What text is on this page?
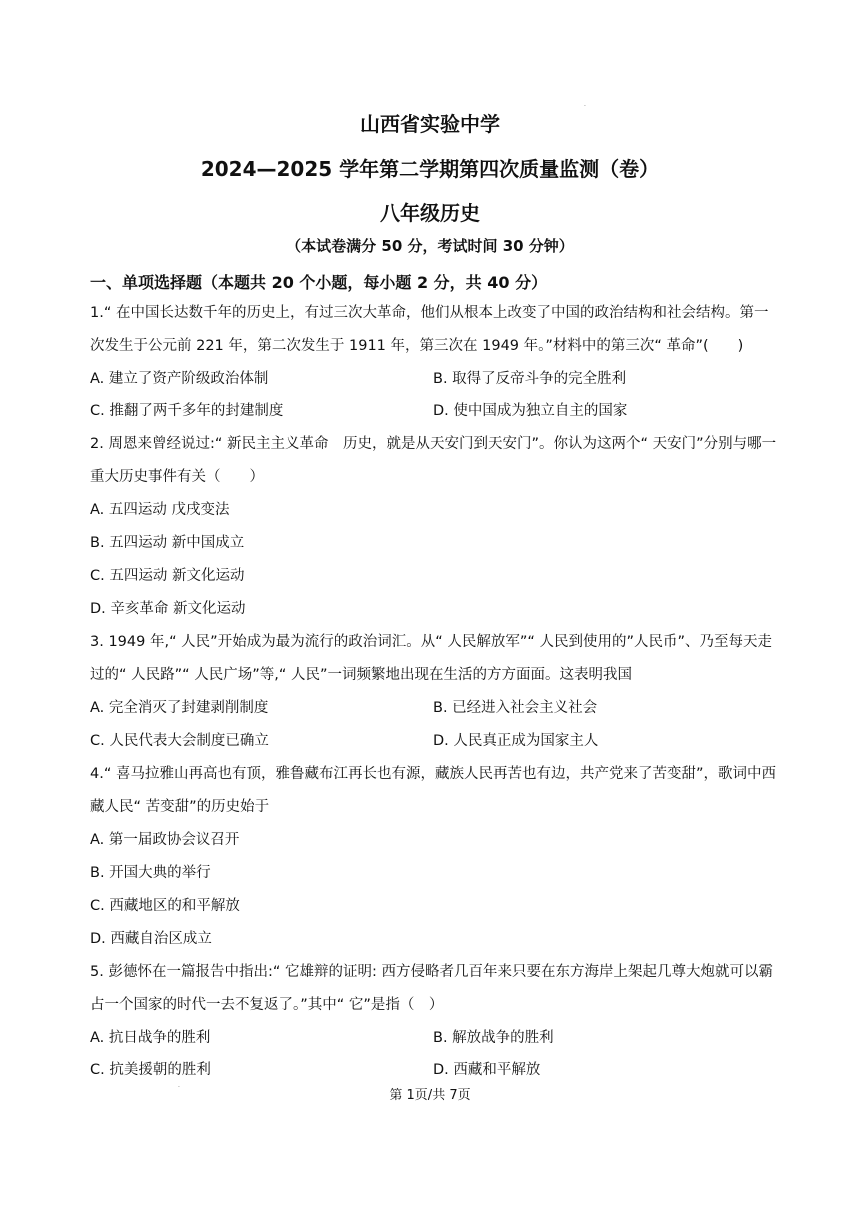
山西省实验中学
2024—2025 学年第二学期第四次质量监测（卷）
八年级历史
（本试卷满分 50 分，考试时间 30 分钟）
·
一、单项选择题（本题共 20 个小题，每小题 2 分，共 40 分）
1.“ 在中国长达数千年的历史上，有过三次大革命，他们从根本上改变了中国的政治结构和社会结构。第一次发生于公元前 221 年，第二次发生于 1911 年，第三次在 1949 年。”材料中的第三次“ 革命”(　　)
A. 建立了资产阶级政治体制	B. 取得了反帝斗争的完全胜利
C. 推翻了两千多年的封建制度	D. 使中国成为独立自主的国家
2. 周恩来曾经说过:“ 新民主主义革命　历史，就是从天安门到天安门”。你认为这两个“ 天安门”分别与哪一重大历史事件有关（　　）
A. 五四运动 戊戌变法
B. 五四运动 新中国成立
C. 五四运动 新文化运动
D. 辛亥革命 新文化运动
3. 1949 年,“ 人民”开始成为最为流行的政治词汇。从“ 人民解放军”“ 人民到使用的”人民币”、乃至每天走过的“ 人民路”“ 人民广场”等,“ 人民”一词频繁地出现在生活的方方面面。这表明我国
A. 完全消灭了封建剥削制度	B. 已经进入社会主义社会
C. 人民代表大会制度已确立	D. 人民真正成为国家主人
4.“ 喜马拉雅山再高也有顶，雅鲁藏布江再长也有源，藏族人民再苦也有边，共产党来了苦变甜”，歌词中西藏人民“ 苦变甜”的历史始于
A. 第一届政协会议召开
B. 开国大典的举行
C. 西藏地区的和平解放
D. 西藏自治区成立
5. 彭德怀在一篇报告中指出:“ 它雄辩的证明: 西方侵略者几百年来只要在东方海岸上架起几尊大炮就可以霸占一个国家的时代一去不复返了。”其中“ 它”是指（　）
A. 抗日战争的胜利	B. 解放战争的胜利
C. 抗美援朝的胜利	D. 西藏和平解放
·
第 1页/共 7页
